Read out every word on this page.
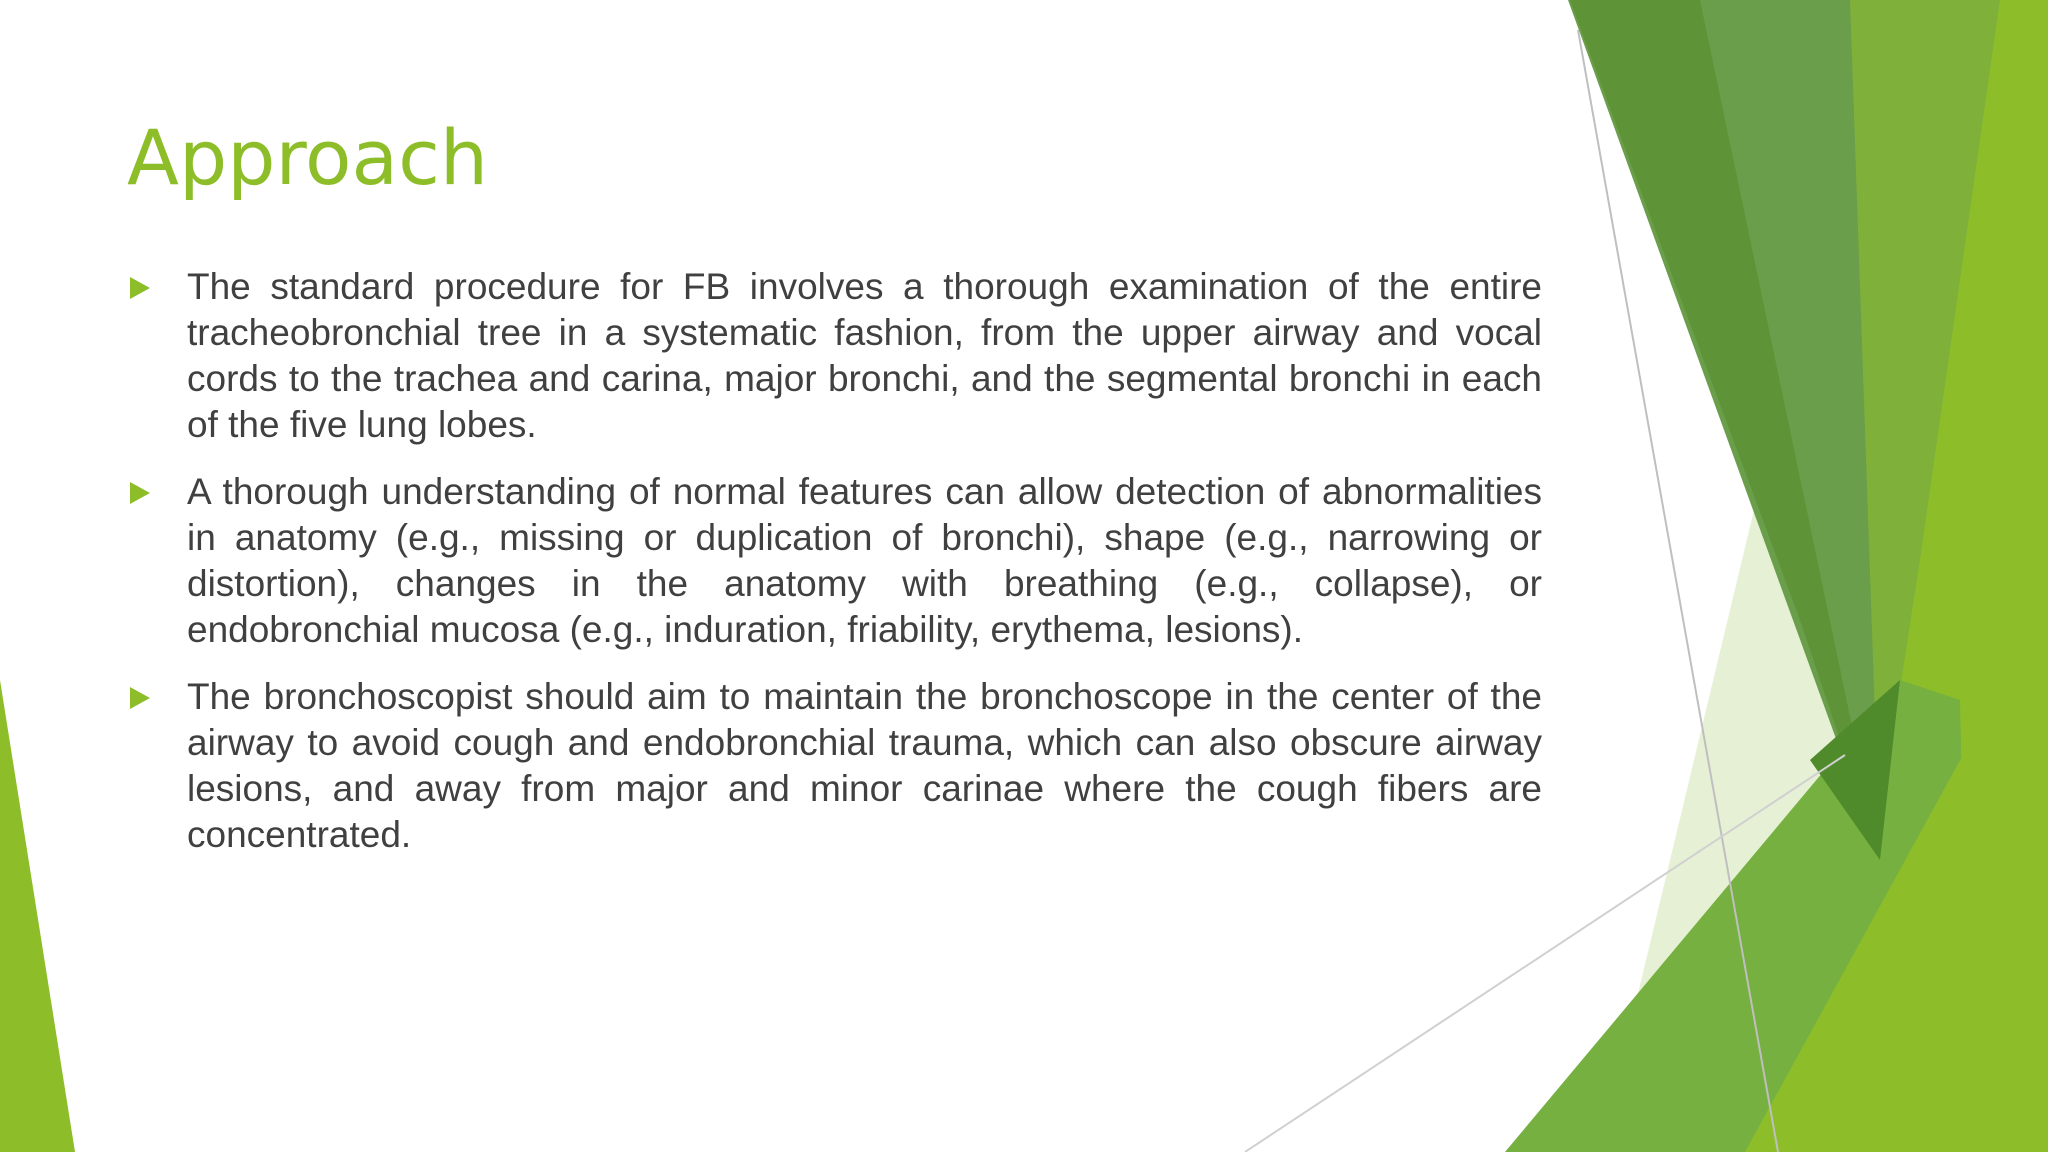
Approach
The standard procedure for FB involves a thorough examination of the entire tracheobronchial tree in a systematic fashion, from the upper airway and vocal cords to the trachea and carina, major bronchi, and the segmental bronchi in each of the five lung lobes.
A thorough understanding of normal features can allow detection of abnormalities in anatomy (e.g., missing or duplication of bronchi), shape (e.g., narrowing or distortion), changes in the anatomy with breathing (e.g., collapse), or endobronchial mucosa (e.g., induration, friability, erythema, lesions).
The bronchoscopist should aim to maintain the bronchoscope in the center of the airway to avoid cough and endobronchial trauma, which can also obscure airway lesions, and away from major and minor carinae where the cough fibers are concentrated.
